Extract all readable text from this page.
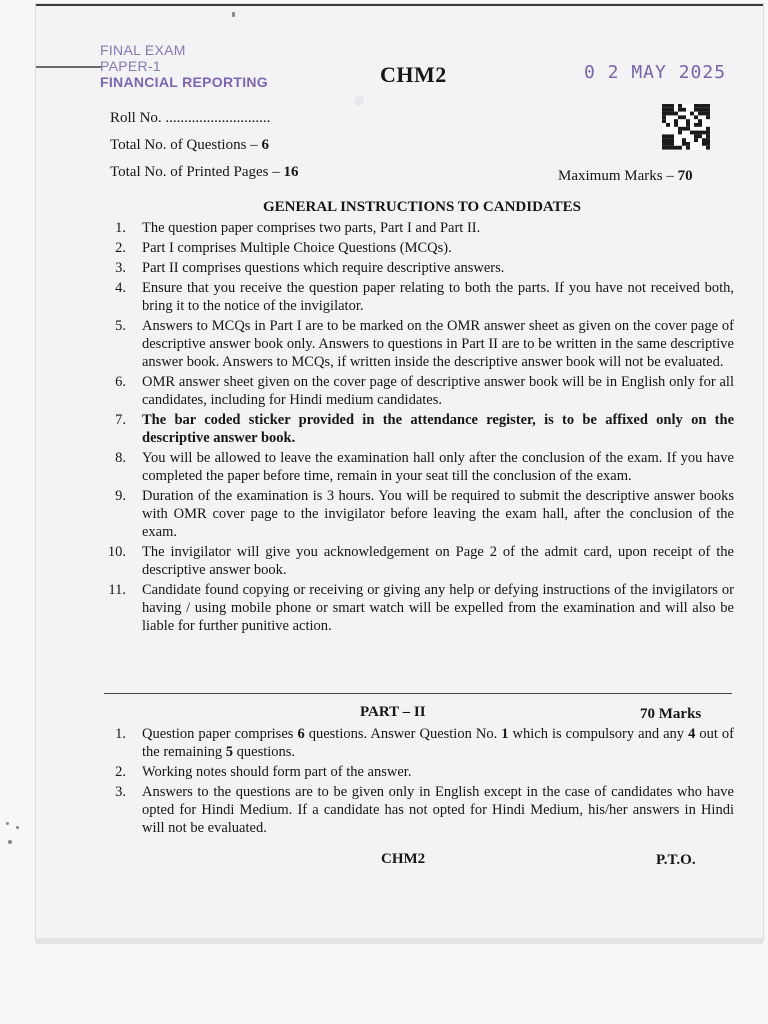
FINAL EXAM
PAPER-1
FINANCIAL REPORTING	CHM2	0 2 MAY 2025
Roll No. ............................
Total No. of Questions – 6
Total No. of Printed Pages – 16	Maximum Marks – 70
GENERAL INSTRUCTIONS TO CANDIDATES
1. The question paper comprises two parts, Part I and Part II.
2. Part I comprises Multiple Choice Questions (MCQs).
3. Part II comprises questions which require descriptive answers.
4. Ensure that you receive the question paper relating to both the parts. If you have not received both, bring it to the notice of the invigilator.
5. Answers to MCQs in Part I are to be marked on the OMR answer sheet as given on the cover page of descriptive answer book only. Answers to questions in Part II are to be written in the same descriptive answer book. Answers to MCQs, if written inside the descriptive answer book will not be evaluated.
6. OMR answer sheet given on the cover page of descriptive answer book will be in English only for all candidates, including for Hindi medium candidates.
7. The bar coded sticker provided in the attendance register, is to be affixed only on the descriptive answer book.
8. You will be allowed to leave the examination hall only after the conclusion of the exam. If you have completed the paper before time, remain in your seat till the conclusion of the exam.
9. Duration of the examination is 3 hours. You will be required to submit the descriptive answer books with OMR cover page to the invigilator before leaving the exam hall, after the conclusion of the exam.
10. The invigilator will give you acknowledgement on Page 2 of the admit card, upon receipt of the descriptive answer book.
11. Candidate found copying or receiving or giving any help or defying instructions of the invigilators or having / using mobile phone or smart watch will be expelled from the examination and will also be liable for further punitive action.
PART – II	70 Marks
1. Question paper comprises 6 questions. Answer Question No. 1 which is compulsory and any 4 out of the remaining 5 questions.
2. Working notes should form part of the answer.
3. Answers to the questions are to be given only in English except in the case of candidates who have opted for Hindi Medium. If a candidate has not opted for Hindi Medium, his/her answers in Hindi will not be evaluated.
CHM2	P.T.O.
